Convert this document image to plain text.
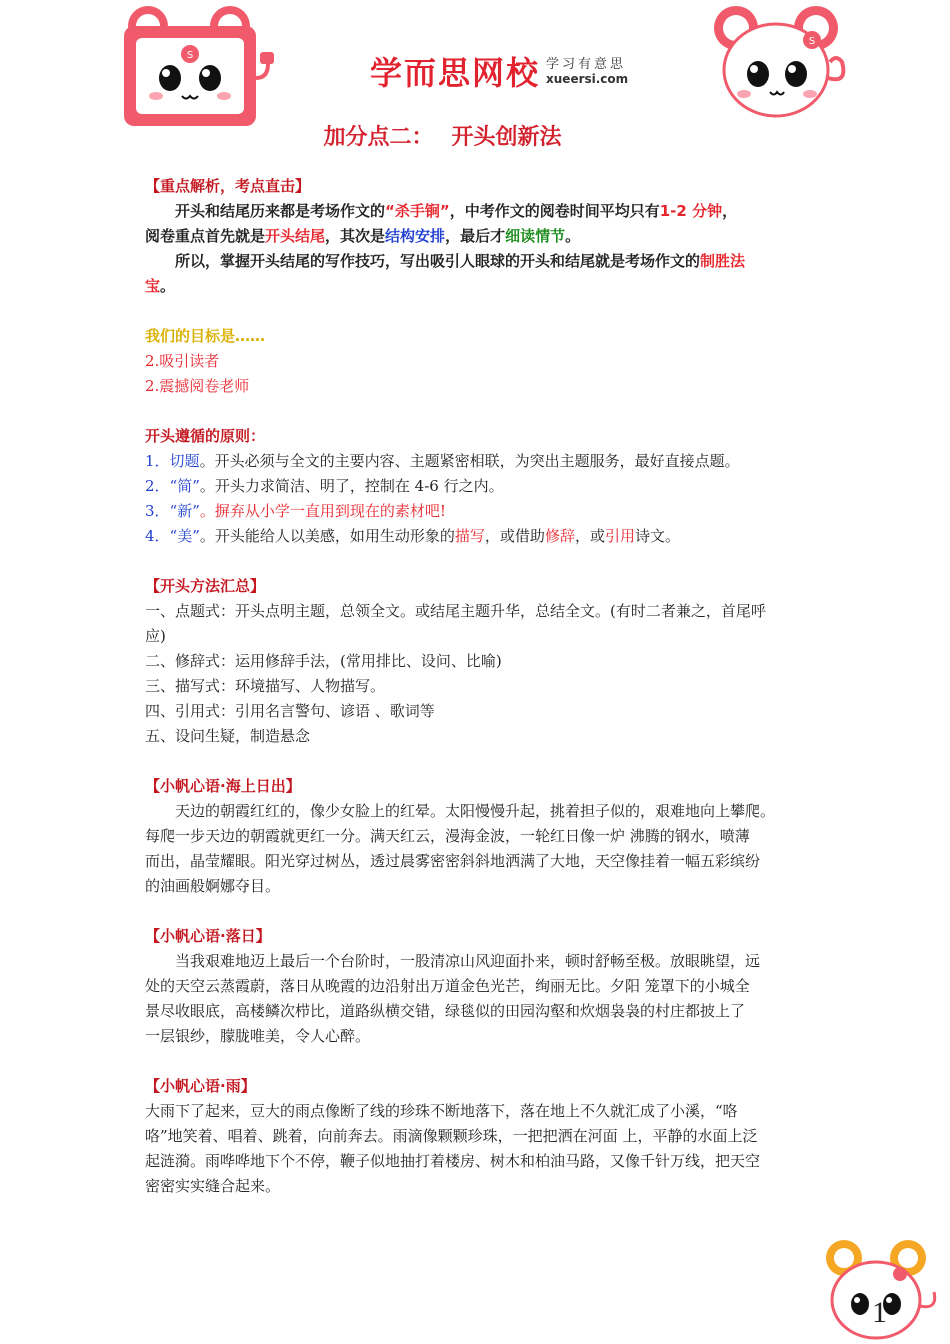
S	学而思网校 学习有意思
xueersi.com
S
加分点二： 开头创新法

【重点解析，考点直击】

开头和结尾历来都是考场作文的“杀手锏”，中考作文的阅卷时间平均只有1-2 分钟，

阅卷重点首先就是开头结尾，其次是结构安排，最后才细读情节。

所以，掌握开头结尾的写作技巧，写出吸引人眼球的开头和结尾就是考场作文的制胜法

宝。

我们的目标是……

2.吸引读者

2.震撼阅卷老师

开头遵循的原则：

1．切题。开头必须与全文的主要内容、主题紧密相联，为突出主题服务，最好直接点题。

2．“简”。开头力求简洁、明了，控制在 4-6 行之内。

3．“新”。摒弃从小学一直用到现在的素材吧!

4．“美”。开头能给人以美感，如用生动形象的描写，或借助修辞，或引用诗文。

【开头方法汇总】

一、点题式：开头点明主题，总领全文。或结尾主题升华，总结全文。(有时二者兼之，首尾呼

应)

二、修辞式：运用修辞手法，(常用排比、设问、比喻)

三、描写式：环境描写、人物描写。

四、引用式：引用名言警句、谚语 、歌词等

五、设问生疑，制造悬念

【小帆心语·海上日出】

天边的朝霞红红的，像少女脸上的红晕。太阳慢慢升起，挑着担子似的，艰难地向上攀爬。

每爬一步天边的朝霞就更红一分。满天红云，漫海金波，一轮红日像一炉 沸腾的钢水，喷薄

而出，晶莹耀眼。阳光穿过树丛，透过晨雾密密斜斜地洒满了大地，天空像挂着一幅五彩缤纷

的油画般婀娜夺目。

【小帆心语·落日】

当我艰难地迈上最后一个台阶时，一股清凉山风迎面扑来，顿时舒畅至极。放眼眺望，远

处的天空云蒸霞蔚，落日从晚霞的边沿射出万道金色光芒，绚丽无比。夕阳 笼罩下的小城全

景尽收眼底，高楼鳞次栉比，道路纵横交错，绿毯似的田园沟壑和炊烟袅袅的村庄都披上了

一层银纱，朦胧唯美，令人心醉。

【小帆心语·雨】

大雨下了起来，豆大的雨点像断了线的珍珠不断地落下，落在地上不久就汇成了小溪，“咯

咯”地笑着、唱着、跳着，向前奔去。雨滴像颗颗珍珠，一把把洒在河面 上，平静的水面上泛

起涟漪。雨哗哗地下个不停，鞭子似地抽打着楼房、树木和柏油马路，又像千针万线，把天空

密密实实缝合起来。

1
